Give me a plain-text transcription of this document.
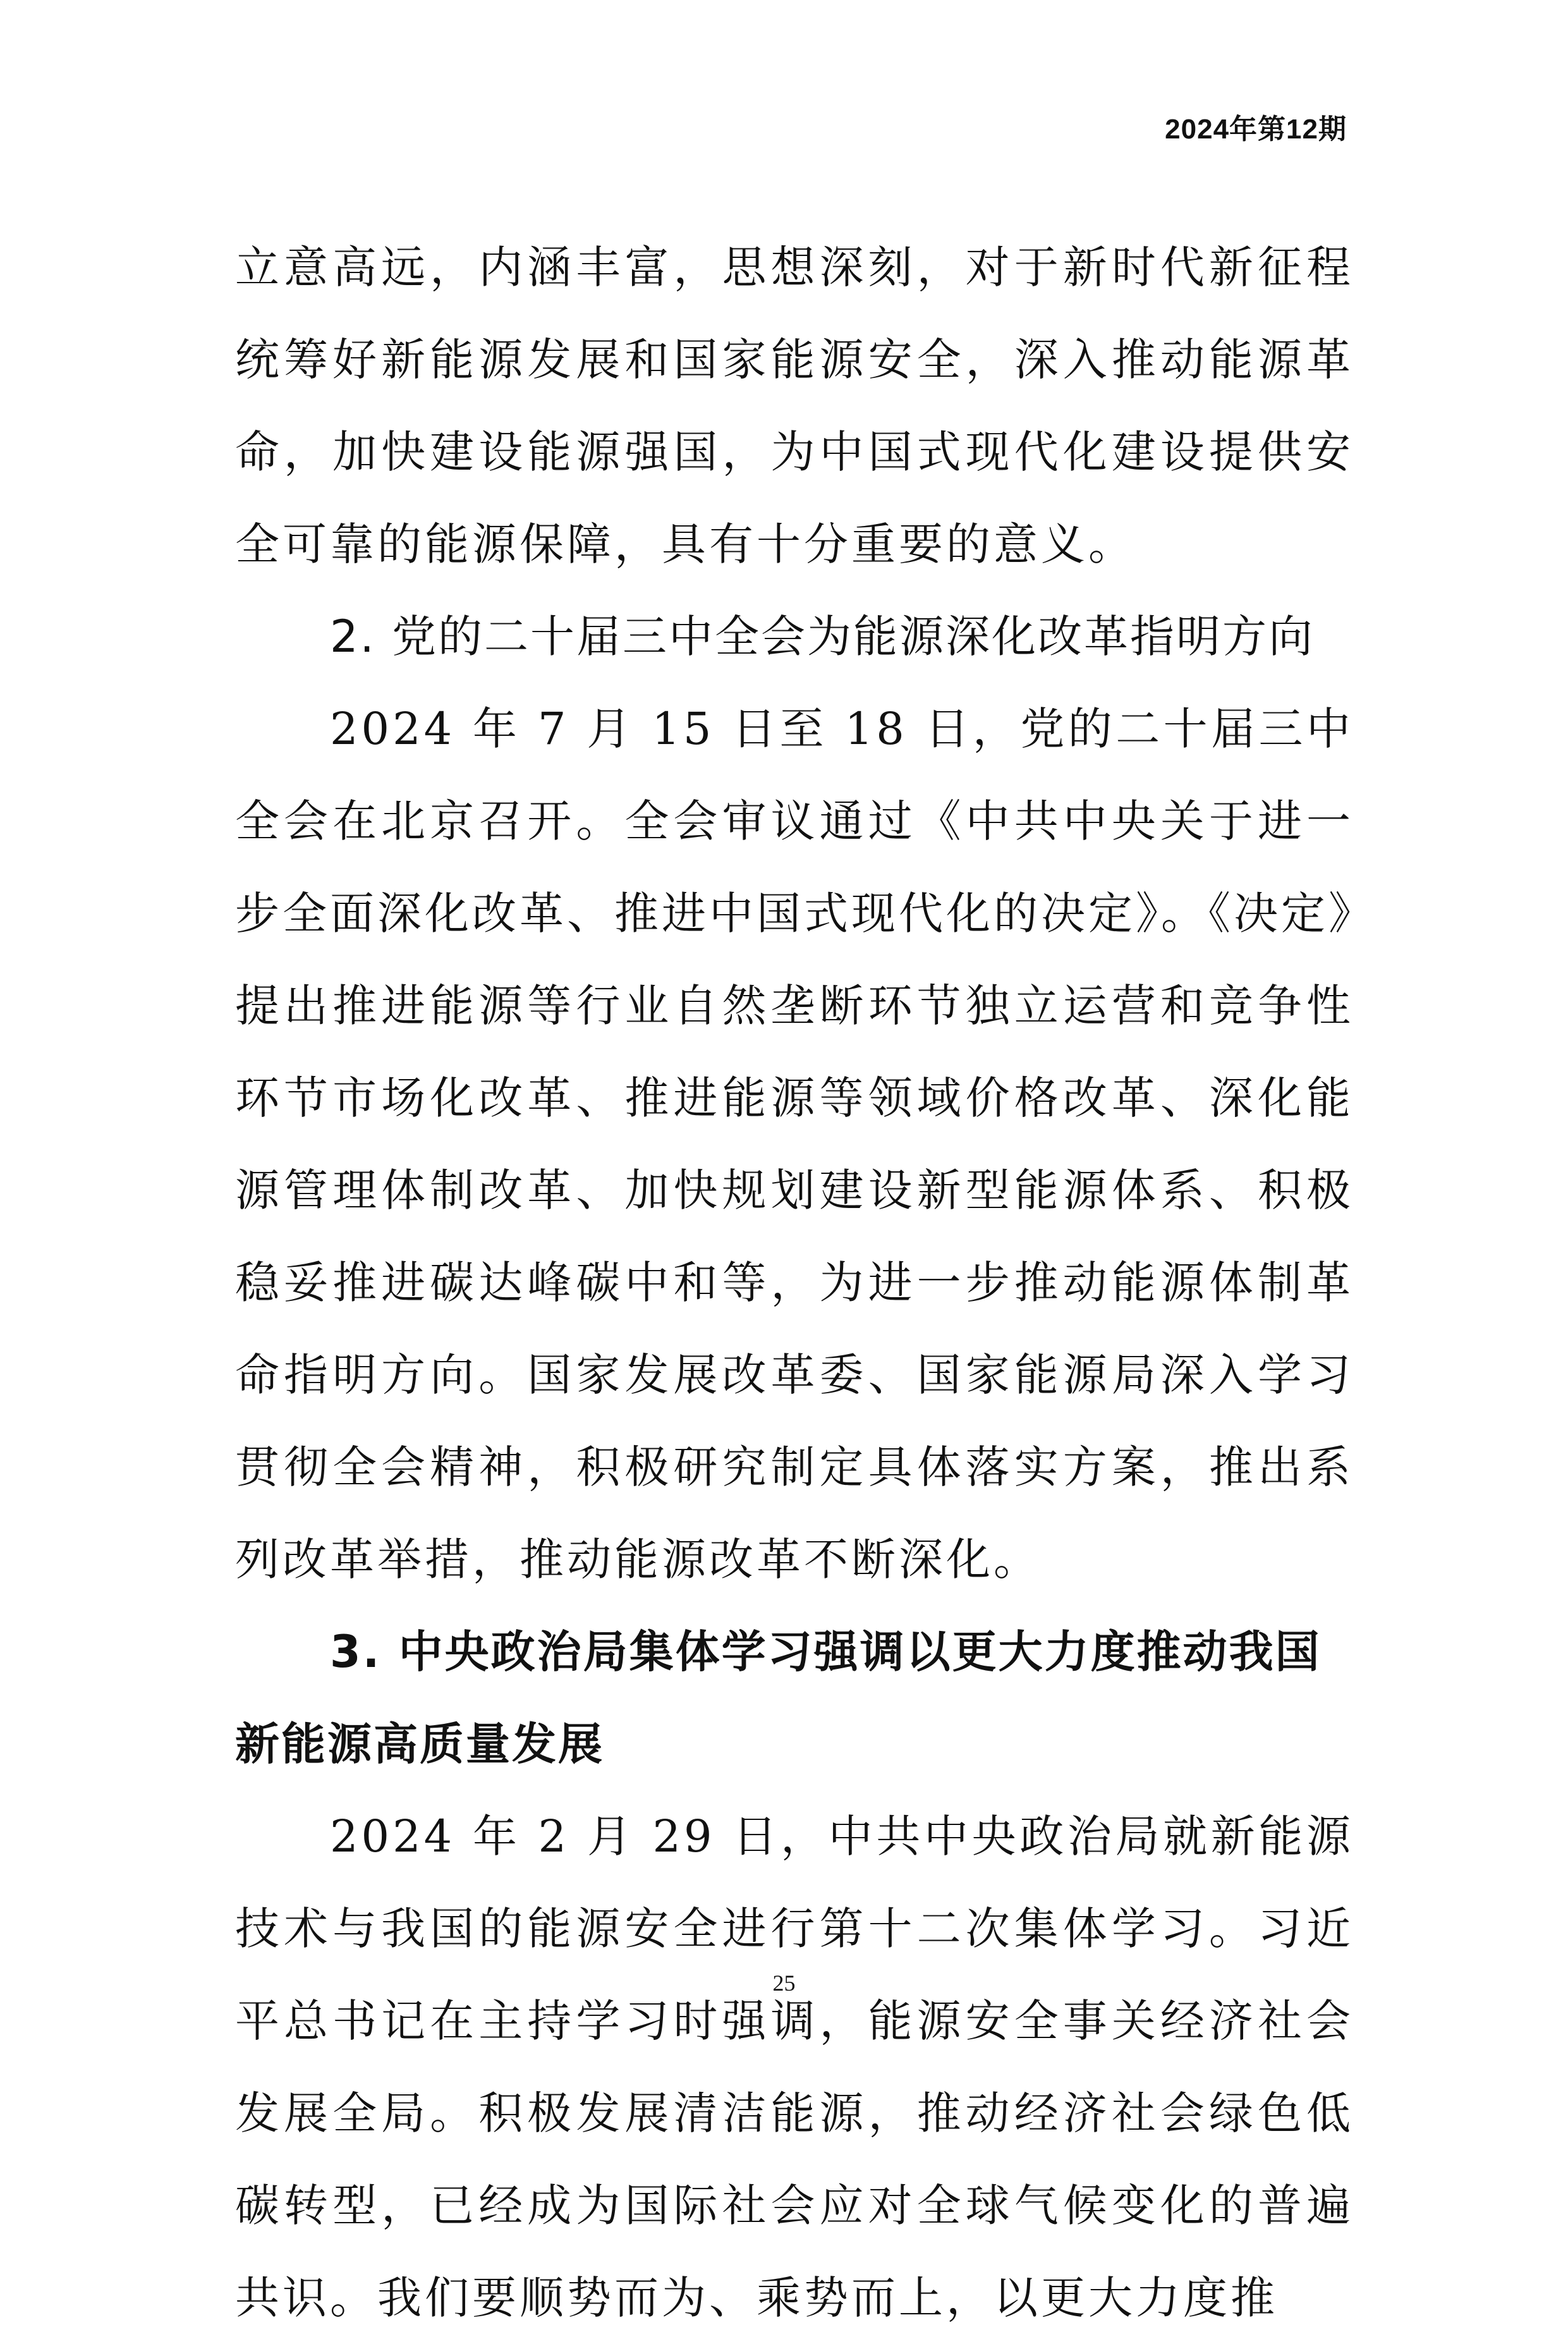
2024年第12期

立意高远，内涵丰富，思想深刻，对于新时代新征程统筹好新能源发展和国家能源安全，深入推动能源革命，加快建设能源强国，为中国式现代化建设提供安全可靠的能源保障，具有十分重要的意义。

2. 党的二十届三中全会为能源深化改革指明方向

2024 年 7 月 15 日至 18 日，党的二十届三中全会在北京召开。全会审议通过《中共中央关于进一步全面深化改革、推进中国式现代化的决定》。《决定》提出推进能源等行业自然垄断环节独立运营和竞争性环节市场化改革、推进能源等领域价格改革、深化能源管理体制改革、加快规划建设新型能源体系、积极稳妥推进碳达峰碳中和等，为进一步推动能源体制革命指明方向。国家发展改革委、国家能源局深入学习贯彻全会精神，积极研究制定具体落实方案，推出系列改革举措，推动能源改革不断深化。

3. 中央政治局集体学习强调以更大力度推动我国新能源高质量发展

2024 年 2 月 29 日，中共中央政治局就新能源技术与我国的能源安全进行第十二次集体学习。习近平总书记在主持学习时强调，能源安全事关经济社会发展全局。积极发展清洁能源，推动经济社会绿色低碳转型，已经成为国际社会应对全球气候变化的普遍共识。我们要顺势而为、乘势而上，以更大力度推

25
